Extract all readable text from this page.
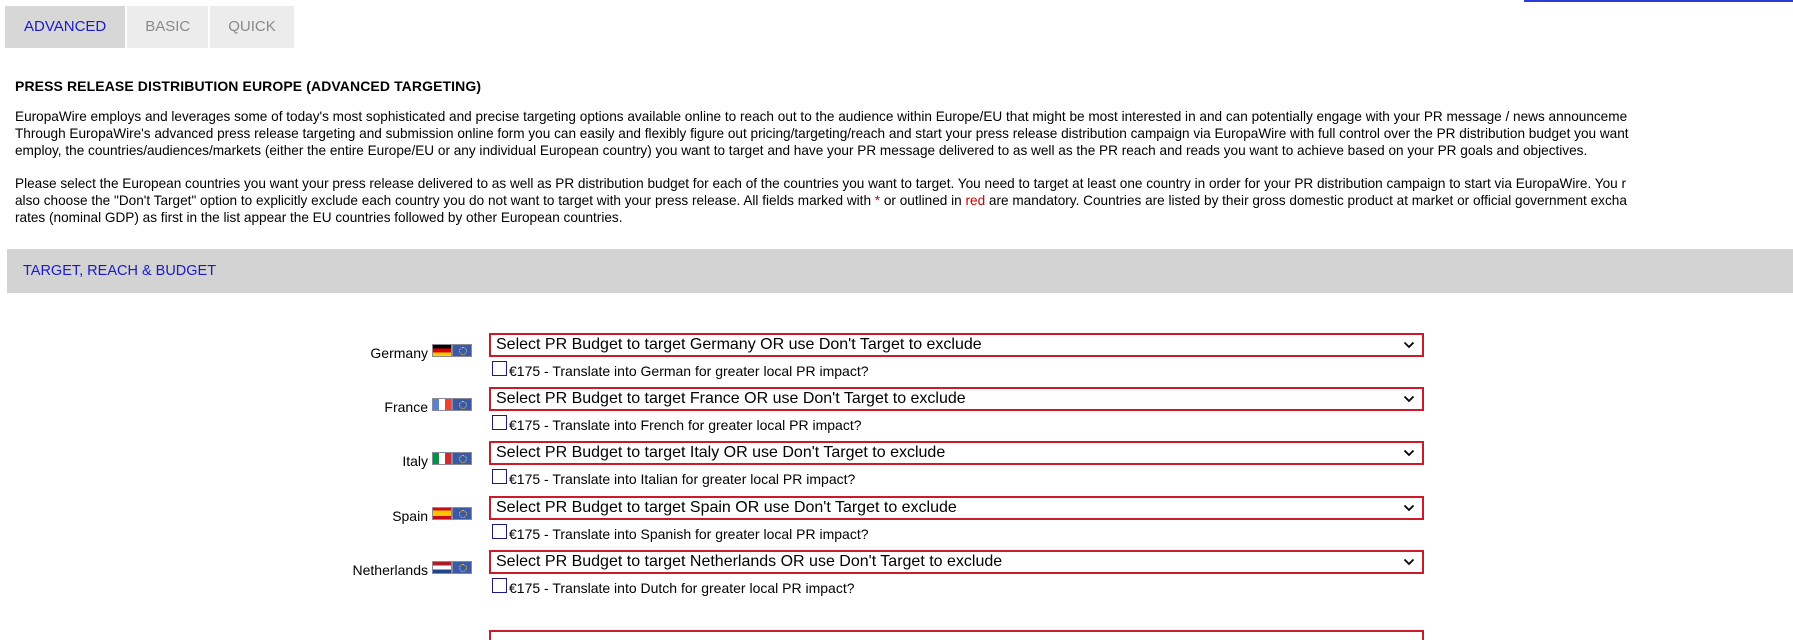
ADVANCED	BASIC	QUICK
PRESS RELEASE DISTRIBUTION EUROPE (ADVANCED TARGETING)
EuropaWire employs and leverages some of today's most sophisticated and precise targeting options available online to reach out to the audience within Europe/EU that might be most interested in and can potentially engage with your PR message / news announceme
Through EuropaWire's advanced press release targeting and submission online form you can easily and flexibly figure out pricing/targeting/reach and start your press release distribution campaign via EuropaWire with full control over the PR distribution budget you want
employ, the countries/audiences/markets (either the entire Europe/EU or any individual European country) you want to target and have your PR message delivered to as well as the PR reach and reads you want to achieve based on your PR goals and objectives.
Please select the European countries you want your press release delivered to as well as PR distribution budget for each of the countries you want to target. You need to target at least one country in order for your PR distribution campaign to start via EuropaWire. You r
also choose the "Don't Target" option to explicitly exclude each country you do not want to target with your press release. All fields marked with * or outlined in red are mandatory. Countries are listed by their gross domestic product at market or official government excha
rates (nominal GDP) as first in the list appear the EU countries followed by other European countries.
TARGET, REACH & BUDGET
Germany	Select PR Budget to target Germany OR use Don't Target to exclude
€175 - Translate into German for greater local PR impact?
France	Select PR Budget to target France OR use Don't Target to exclude
€175 - Translate into French for greater local PR impact?
Italy	Select PR Budget to target Italy OR use Don't Target to exclude
€175 - Translate into Italian for greater local PR impact?
Spain	Select PR Budget to target Spain OR use Don't Target to exclude
€175 - Translate into Spanish for greater local PR impact?
Netherlands	Select PR Budget to target Netherlands OR use Don't Target to exclude
€175 - Translate into Dutch for greater local PR impact?
